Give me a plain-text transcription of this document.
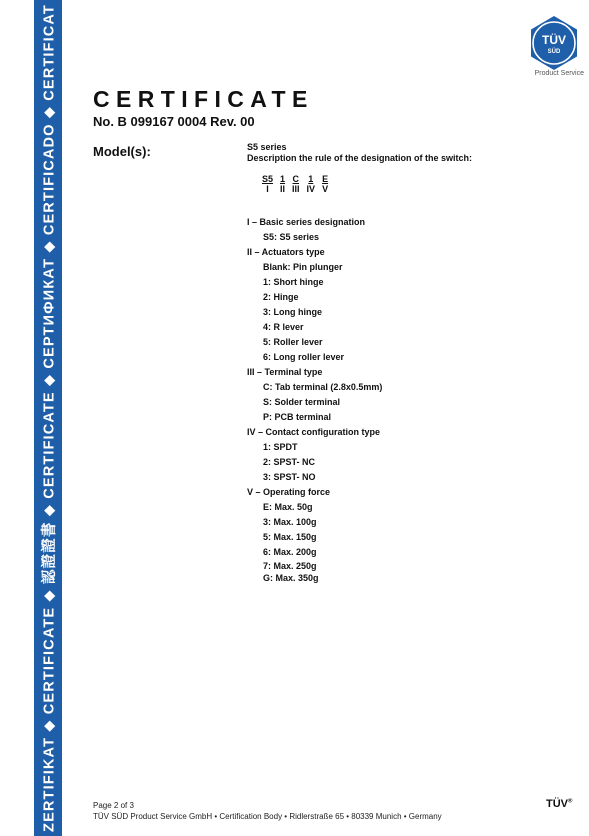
ZERTIFIKAT ◆ CERTIFICATE ◆ 認證證書 ◆ CERTIFICATE ◆ СЕРТИФИКАТ ◆ CERTIFICADO ◆ CERTIFICAT	TÜV
SÜD
Product Service
CERTIFICATE
No. B 099167 0004 Rev. 00
Model(s):	S5 series
Description the rule of the designation of the switch:
S5
I
1
II
C
III
1
IV
E
V
I – Basic series designation
S5: S5 series
II – Actuators type
Blank: Pin plunger
1: Short hinge
2: Hinge
3: Long hinge
4: R lever
5: Roller lever
6: Long roller lever
III – Terminal type
C: Tab terminal (2.8x0.5mm)
S: Solder terminal
P: PCB terminal
IV – Contact configuration type
1: SPDT
2: SPST- NC
3: SPST- NO
V – Operating force
E: Max. 50g
3: Max. 100g
5: Max. 150g
6: Max. 200g
7: Max. 250g
G: Max. 350g
Page 2 of 3
TÜV SÜD Product Service GmbH • Certification Body • Ridlerstraße 65 • 80339 Munich • Germany
TÜV®
